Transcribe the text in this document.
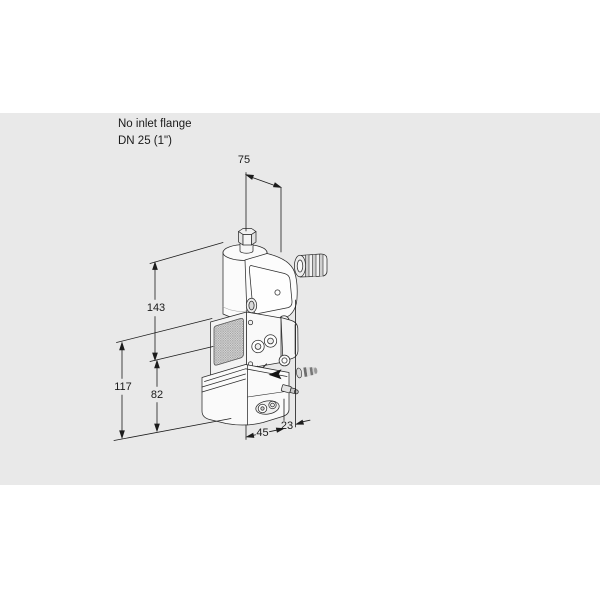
No inlet flange
DN 25 (1")
75
143
117
82
45
23
